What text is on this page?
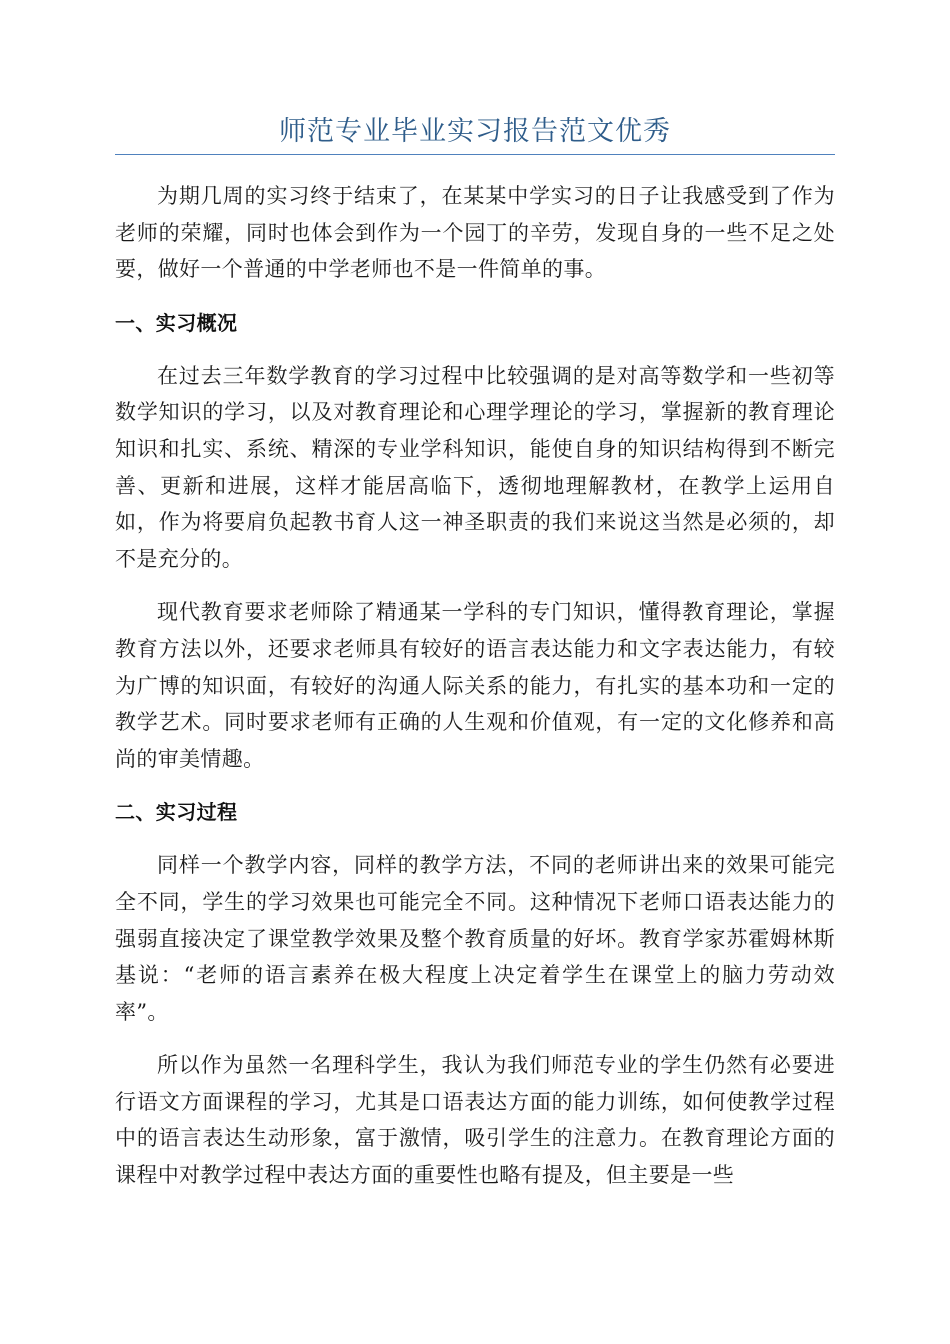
师范专业毕业实习报告范文优秀

为期几周的实习终于结束了，在某某中学实习的日子让我感受到了作为老师的荣耀，同时也体会到作为一个园丁的辛劳，发现自身的一些不足之处要，做好一个普通的中学老师也不是一件简单的事。

一、实习概况

在过去三年数学教育的学习过程中比较强调的是对高等数学和一些初等数学知识的学习，以及对教育理论和心理学理论的学习，掌握新的教育理论知识和扎实、系统、精深的专业学科知识，能使自身的知识结构得到不断完善、更新和进展，这样才能居高临下，透彻地理解教材，在教学上运用自如，作为将要肩负起教书育人这一神圣职责的我们来说这当然是必须的，却不是充分的。

现代教育要求老师除了精通某一学科的专门知识，懂得教育理论，掌握教育方法以外，还要求老师具有较好的语言表达能力和文字表达能力，有较为广博的知识面，有较好的沟通人际关系的能力，有扎实的基本功和一定的教学艺术。同时要求老师有正确的人生观和价值观，有一定的文化修养和高尚的审美情趣。

二、实习过程

同样一个教学内容，同样的教学方法，不同的老师讲出来的效果可能完全不同，学生的学习效果也可能完全不同。这种情况下老师口语表达能力的强弱直接决定了课堂教学效果及整个教育质量的好坏。教育学家苏霍姆林斯基说：“老师的语言素养在极大程度上决定着学生在课堂上的脑力劳动效率”。

所以作为虽然一名理科学生，我认为我们师范专业的学生仍然有必要进行语文方面课程的学习，尤其是口语表达方面的能力训练，如何使教学过程中的语言表达生动形象，富于激情，吸引学生的注意力。在教育理论方面的课程中对教学过程中表达方面的重要性也略有提及，但主要是一些
